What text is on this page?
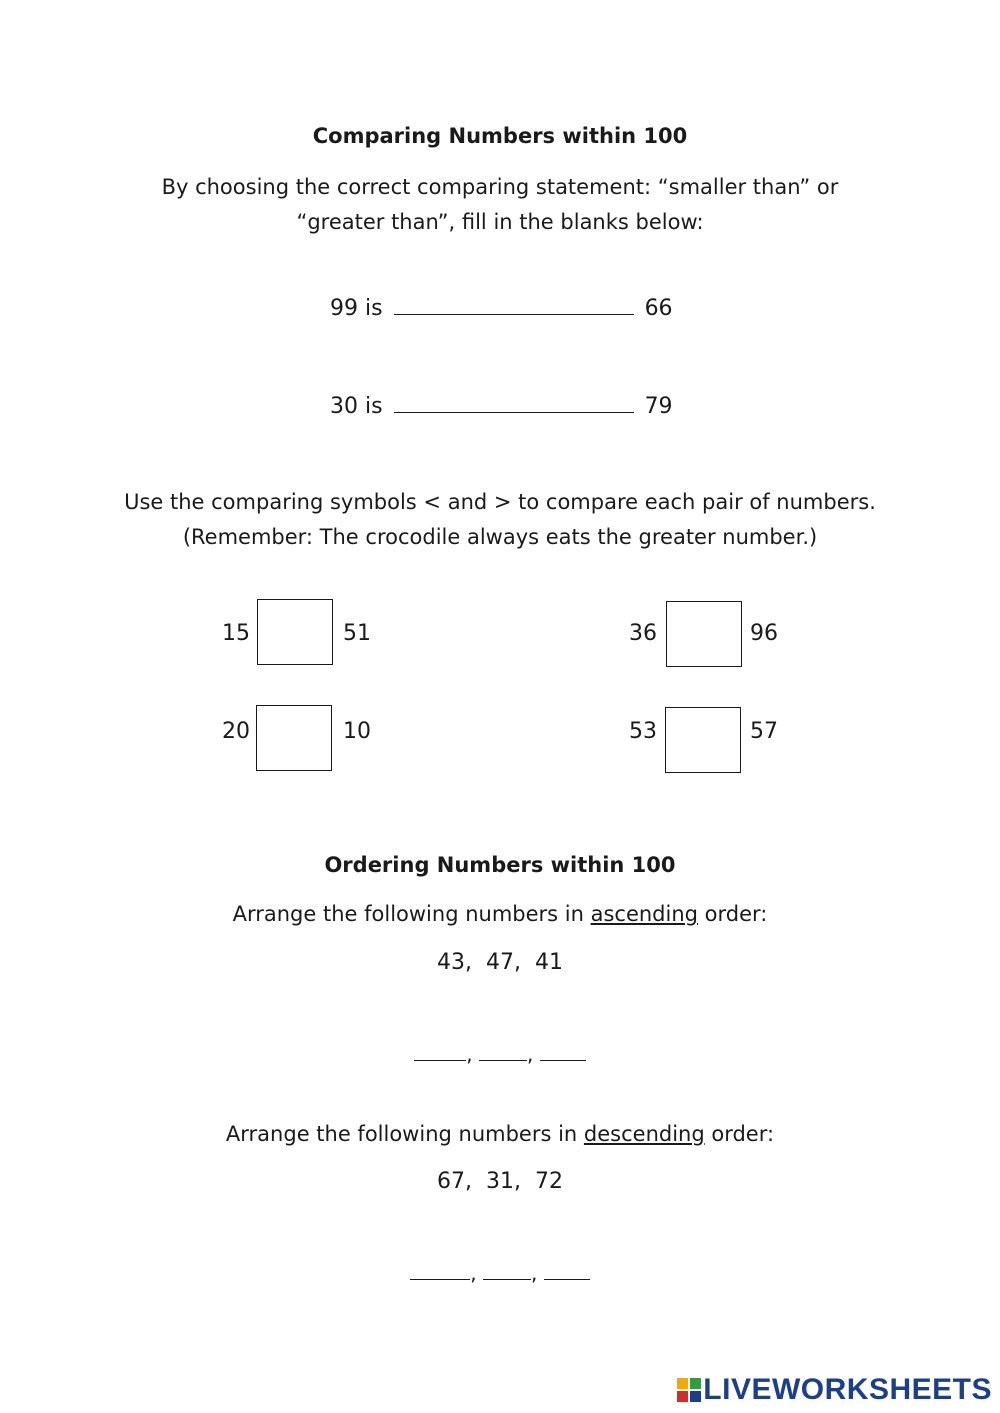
Comparing Numbers within 100
By choosing the correct comparing statement: “smaller than” or
“greater than”, fill in the blanks below:
99 is	66
30 is	79
Use the comparing symbols < and > to compare each pair of numbers.
(Remember: The crocodile always eats the greater number.)
15	51	36	96
20	10	53	57
Ordering Numbers within 100
Arrange the following numbers in ascending order:
43,  47,  41
,	,
Arrange the following numbers in descending order:
67,  31,  72
,	,
LIVEWORKSHEETS
